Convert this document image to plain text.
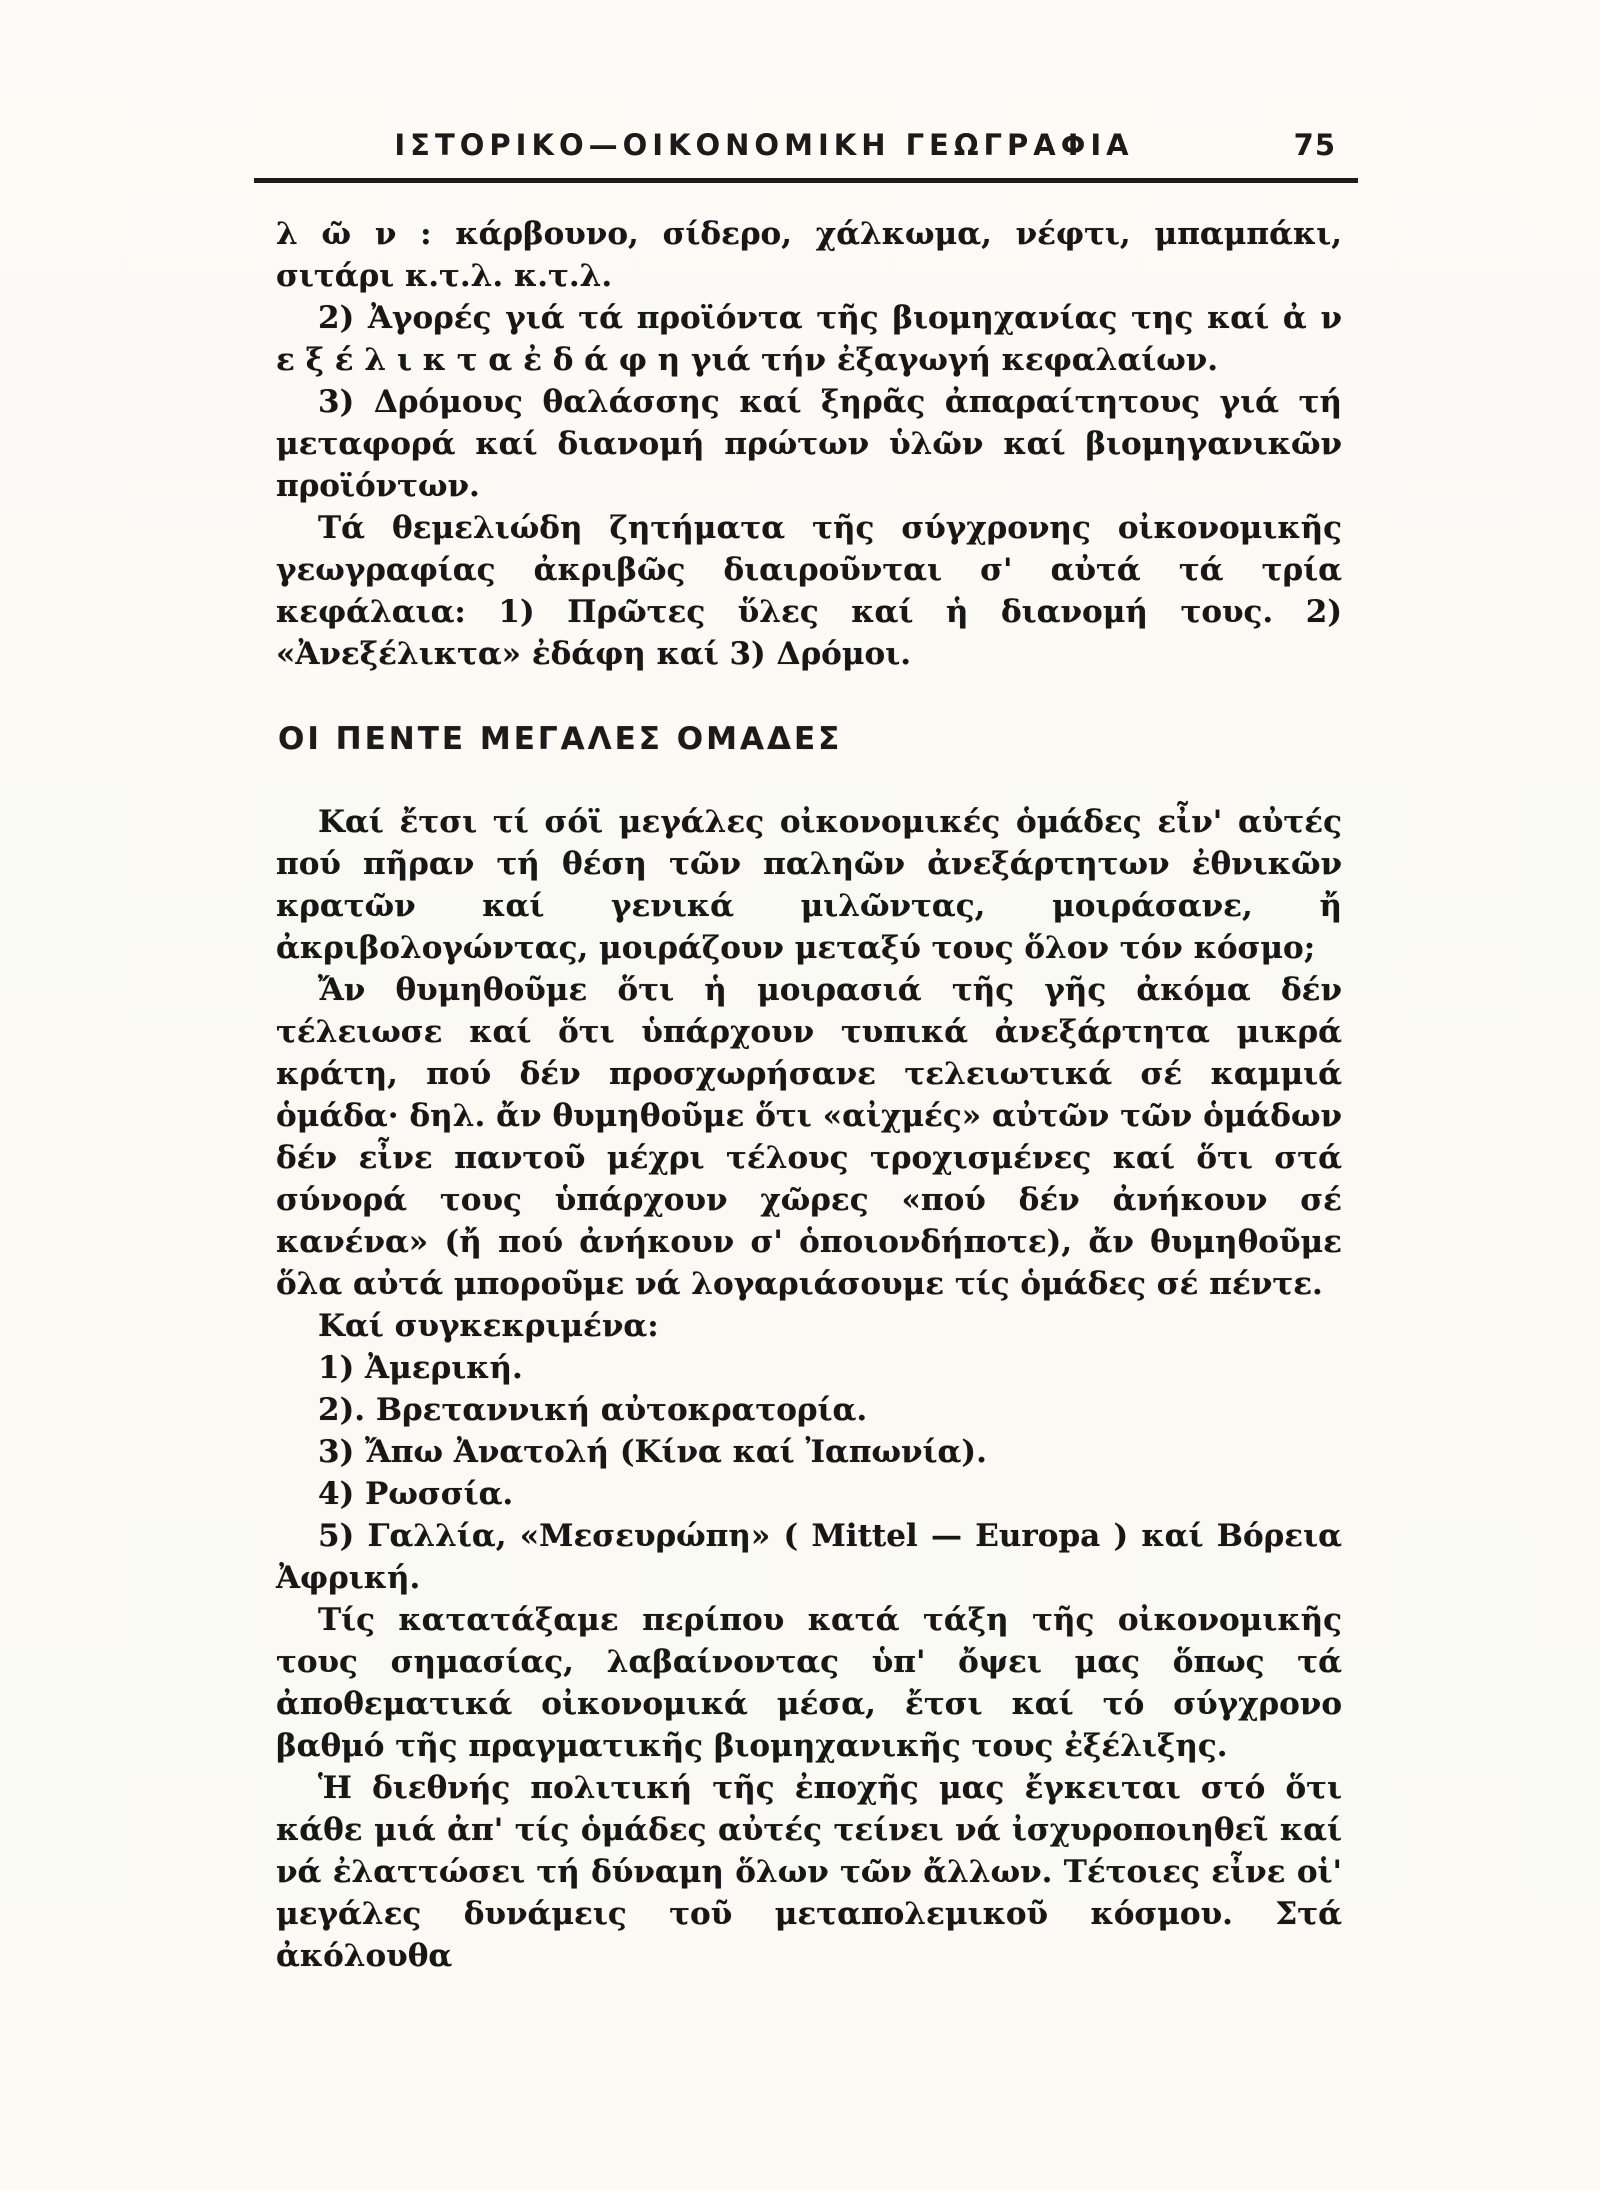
ΙΣΤΟΡΙΚΟ—ΟΙΚΟΝΟΜΙΚΗ ΓΕΩΓΡΑΦΙΑ	75

λ ῶ ν : κάρβουνο, σίδερο, χάλκωμα, νέφτι, μπαμπάκι, σιτάρι κ.τ.λ. κ.τ.λ.

2) Ἀγορές γιά τά προϊόντα τῆς βιομηχανίας της καί ἀ ν ε ξ έ λ ι κ τ α ἐ δ ά φ η γιά τήν ἐξαγωγή κεφαλαίων.

3) Δρόμους θαλάσσης καί ξηρᾶς ἀπαραίτητους γιά τή μεταφορά καί διανομή πρώτων ὑλῶν καί βιομηγανικῶν προϊόντων.

Τά θεμελιώδη ζητήματα τῆς σύγχρονης οἰκονομικῆς γεωγραφίας ἀκριβῶς διαιροῦνται σ' αὐτά τά τρία κεφάλαια: 1) Πρῶτες ὕλες καί ἡ διανομή τους. 2) «Ἀνεξέλικτα» ἐδάφη καί 3) Δρόμοι.

ΟΙ ΠΕΝΤΕ ΜΕΓΑΛΕΣ ΟΜΑΔΕΣ

Καί ἔτσι τί σόϊ μεγάλες οἰκονομικές ὁμάδες εἶν' αὐτές πού πῆραν τή θέση τῶν παληῶν ἀνεξάρτητων ἐθνικῶν κρατῶν καί γενικά μιλῶντας, μοιράσανε, ἤ ἀκριβολογώντας, μοιράζουν μεταξύ τους ὅλον τόν κόσμο;

Ἄν θυμηθοῦμε ὅτι ἡ μοιρασιά τῆς γῆς ἀκόμα δέν τέλειωσε καί ὅτι ὑπάρχουν τυπικά ἀνεξάρτητα μικρά κράτη, πού δέν προσχωρήσανε τελειωτικά σέ καμμιά ὁμάδα· δηλ. ἄν θυμηθοῦμε ὅτι «αἰχμές» αὐτῶν τῶν ὁμάδων δέν εἶνε παντοῦ μέχρι τέλους τροχισμένες καί ὅτι στά σύνορά τους ὑπάρχουν χῶρες «πού δέν ἀνήκουν σέ κανένα» (ἤ πού ἀνήκουν σ' ὁποιονδήποτε), ἄν θυμηθοῦμε ὅλα αὐτά μποροῦμε νά λογαριάσουμε τίς ὁμάδες σέ πέντε.

Καί συγκεκριμένα:

1) Ἀμερική.

2). Βρεταννική αὐτοκρατορία.

3) Ἄπω Ἀνατολή (Κίνα καί Ἰαπωνία).

4) Ρωσσία.

5) Γαλλία, «Μεσευρώπη» ( Mittel — Europa ) καί Βόρεια Ἀφρική.

Τίς κατατάξαμε περίπου κατά τάξη τῆς οἰκονομικῆς τους σημασίας, λαβαίνοντας ὑπ' ὄψει μας ὅπως τά ἀποθεματικά οἰκονομικά μέσα, ἔτσι καί τό σύγχρονο βαθμό τῆς πραγματικῆς βιομηχανικῆς τους ἐξέλιξης.

Ἡ διεθνής πολιτική τῆς ἐποχῆς μας ἔγκειται στό ὅτι κάθε μιά ἀπ' τίς ὁμάδες αὐτές τείνει νά ἰσχυροποιηθεῖ καί νά ἐλαττώσει τή δύναμη ὅλων τῶν ἄλλων. Τέτοιες εἶνε οἱ' μεγάλες δυνάμεις τοῦ μεταπολεμικοῦ κόσμου. Στά ἀκόλουθα
